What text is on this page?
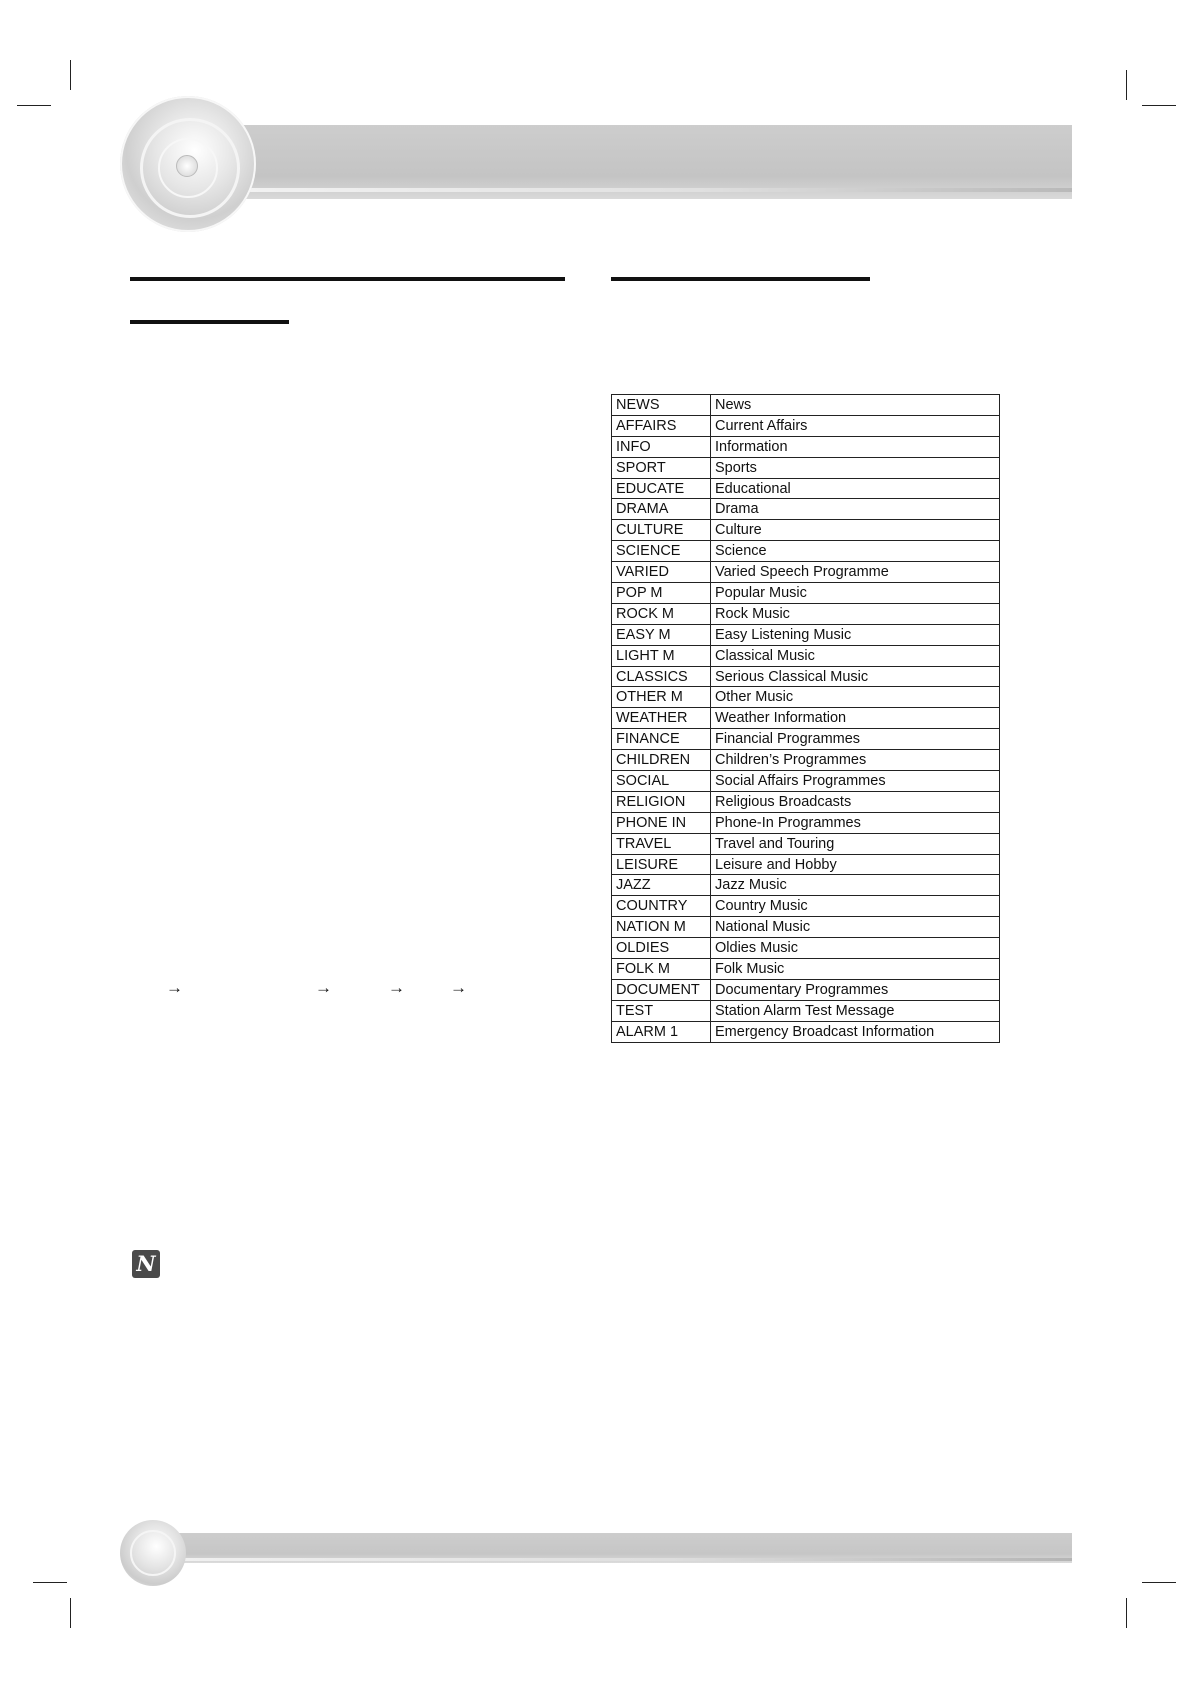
→	→	→	→
NEWS	News
AFFAIRS	Current Affairs
INFO	Information
SPORT	Sports
EDUCATE	Educational
DRAMA	Drama
CULTURE	Culture
SCIENCE	Science
VARIED	Varied Speech Programme
POP M	Popular Music
ROCK M	Rock Music
EASY M	Easy Listening Music
LIGHT M	Classical Music
CLASSICS	Serious Classical Music
OTHER M	Other Music
WEATHER	Weather Information
FINANCE	Financial Programmes
CHILDREN	Children’s Programmes
SOCIAL	Social Affairs Programmes
RELIGION	Religious Broadcasts
PHONE IN	Phone-In Programmes
TRAVEL	Travel and Touring
LEISURE	Leisure and Hobby
JAZZ	Jazz Music
COUNTRY	Country Music
NATION M	National Music
OLDIES	Oldies Music
FOLK M	Folk Music
DOCUMENT	Documentary Programmes
TEST	Station Alarm Test Message
ALARM 1	Emergency Broadcast Information
N
